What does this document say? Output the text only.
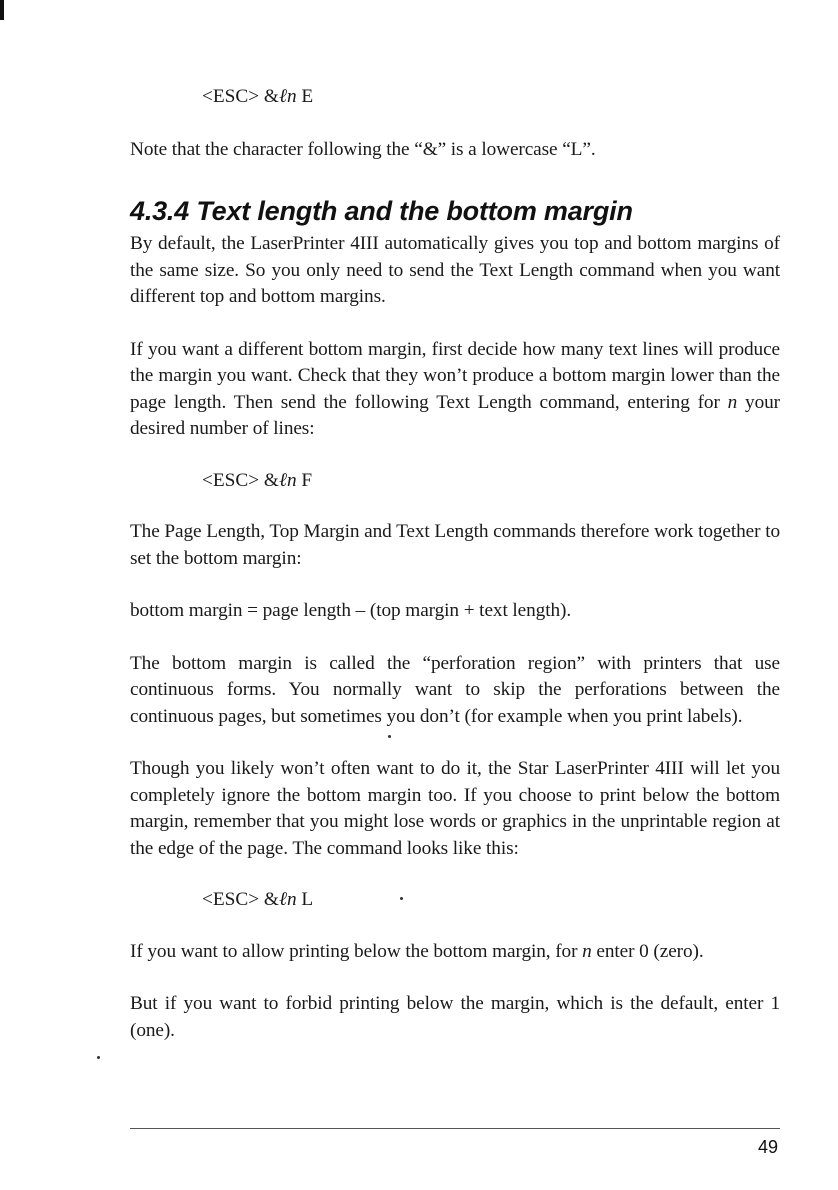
<ESC> &ℓn E

Note that the character following the “&” is a lowercase “L”.

4.3.4 Text length and the bottom margin

By default, the LaserPrinter 4III automatically gives you top and bottom margins of the same size. So you only need to send the Text Length command when you want different top and bottom margins.

If you want a different bottom margin, first decide how many text lines will produce the margin you want. Check that they won’t produce a bottom margin lower than the page length. Then send the following Text Length command, entering for n your desired number of lines:

<ESC> &ℓn F

The Page Length, Top Margin and Text Length commands therefore work together to set the bottom margin:

bottom margin = page length – (top margin + text length).

The bottom margin is called the “perforation region” with printers that use continuous forms. You normally want to skip the perforations between the continuous pages, but sometimes you don’t (for example when you print labels).

Though you likely won’t often want to do it, the Star LaserPrinter 4III will let you completely ignore the bottom margin too. If you choose to print below the bottom margin, remember that you might lose words or graphics in the unprintable region at the edge of the page. The command looks like this:

<ESC> &ℓn L

If you want to allow printing below the bottom margin, for n enter 0 (zero).

But if you want to forbid printing below the margin, which is the default, enter 1 (one).

49
